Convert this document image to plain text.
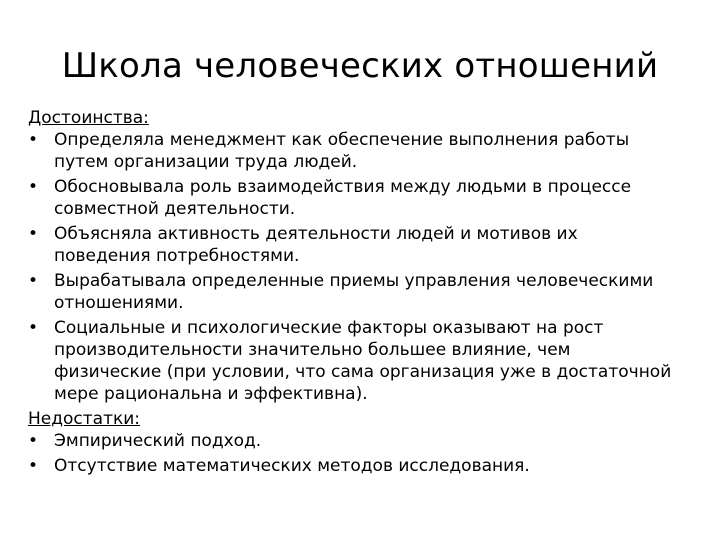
Школа человеческих отношений

Достоинства:

• Определяла менеджмент как обеспечение выполнения работы путем организации труда людей.
• Обосновывала роль взаимодействия между людьми в процессе совместной деятельности.
• Объясняла активность деятельности людей и мотивов их поведения потребностями.
• Вырабатывала определенные приемы управления человеческими отношениями.
• Социальные и психологические факторы оказывают на рост производительности значительно большее влияние, чем физические (при условии, что сама организация уже в достаточной мере рациональна и эффективна).

Недостатки:

• Эмпирический подход.
• Отсутствие математических методов исследования.
